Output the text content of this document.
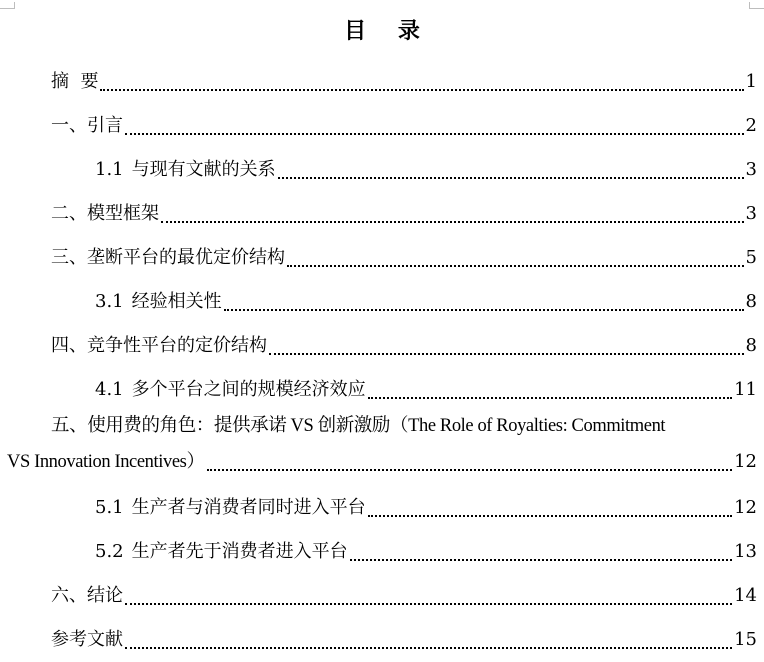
目 录
摘  要	1
一、引言	2
1.1 与现有文献的关系	3
二、模型框架	3
三、垄断平台的最优定价结构	5
3.1 经验相关性	8
四、竞争性平台的定价结构	8
4.1 多个平台之间的规模经济效应	11
五、使用费的角色：提供承诺 VS 创新激励（The Role of Royalties: Commitment
VS Innovation Incentives）	12
5.1 生产者与消费者同时进入平台	12
5.2 生产者先于消费者进入平台	13
六、结论	14
参考文献	15
